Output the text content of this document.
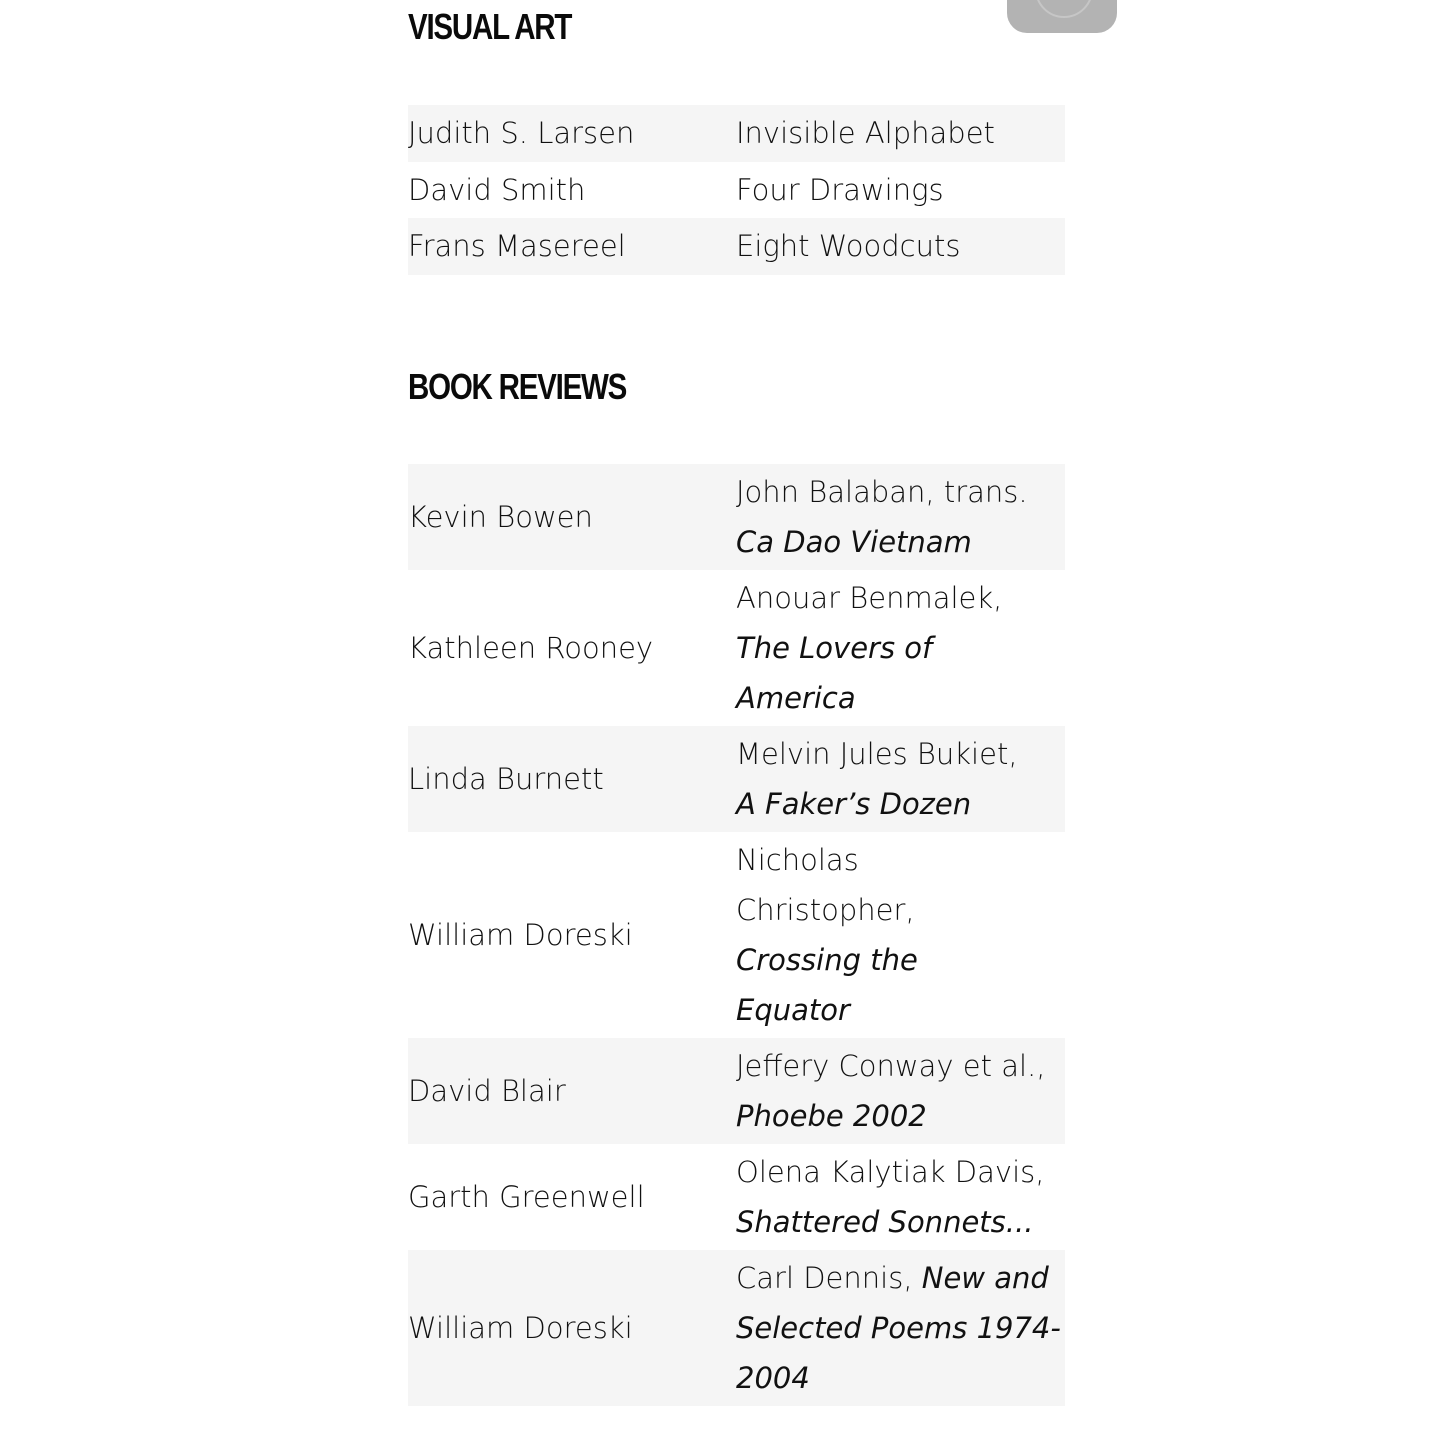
VISUAL ART
Judith S. Larsen	Invisible Alphabet
David Smith	Four Drawings
Frans Masereel	Eight Woodcuts
BOOK REVIEWS
Kevin Bowen	John Balaban, trans.
Ca Dao Vietnam
Kathleen Rooney	Anouar Benmalek,
The Lovers of America
Linda Burnett	Melvin Jules Bukiet,
A Faker’s Dozen
William Doreski	Nicholas Christopher,
Crossing the Equator
David Blair	Jeffery Conway et al., Phoebe 2002
Garth Greenwell	Olena Kalytiak Davis, Shattered Sonnets...
William Doreski	Carl Dennis, New and Selected Poems 1974-2004
